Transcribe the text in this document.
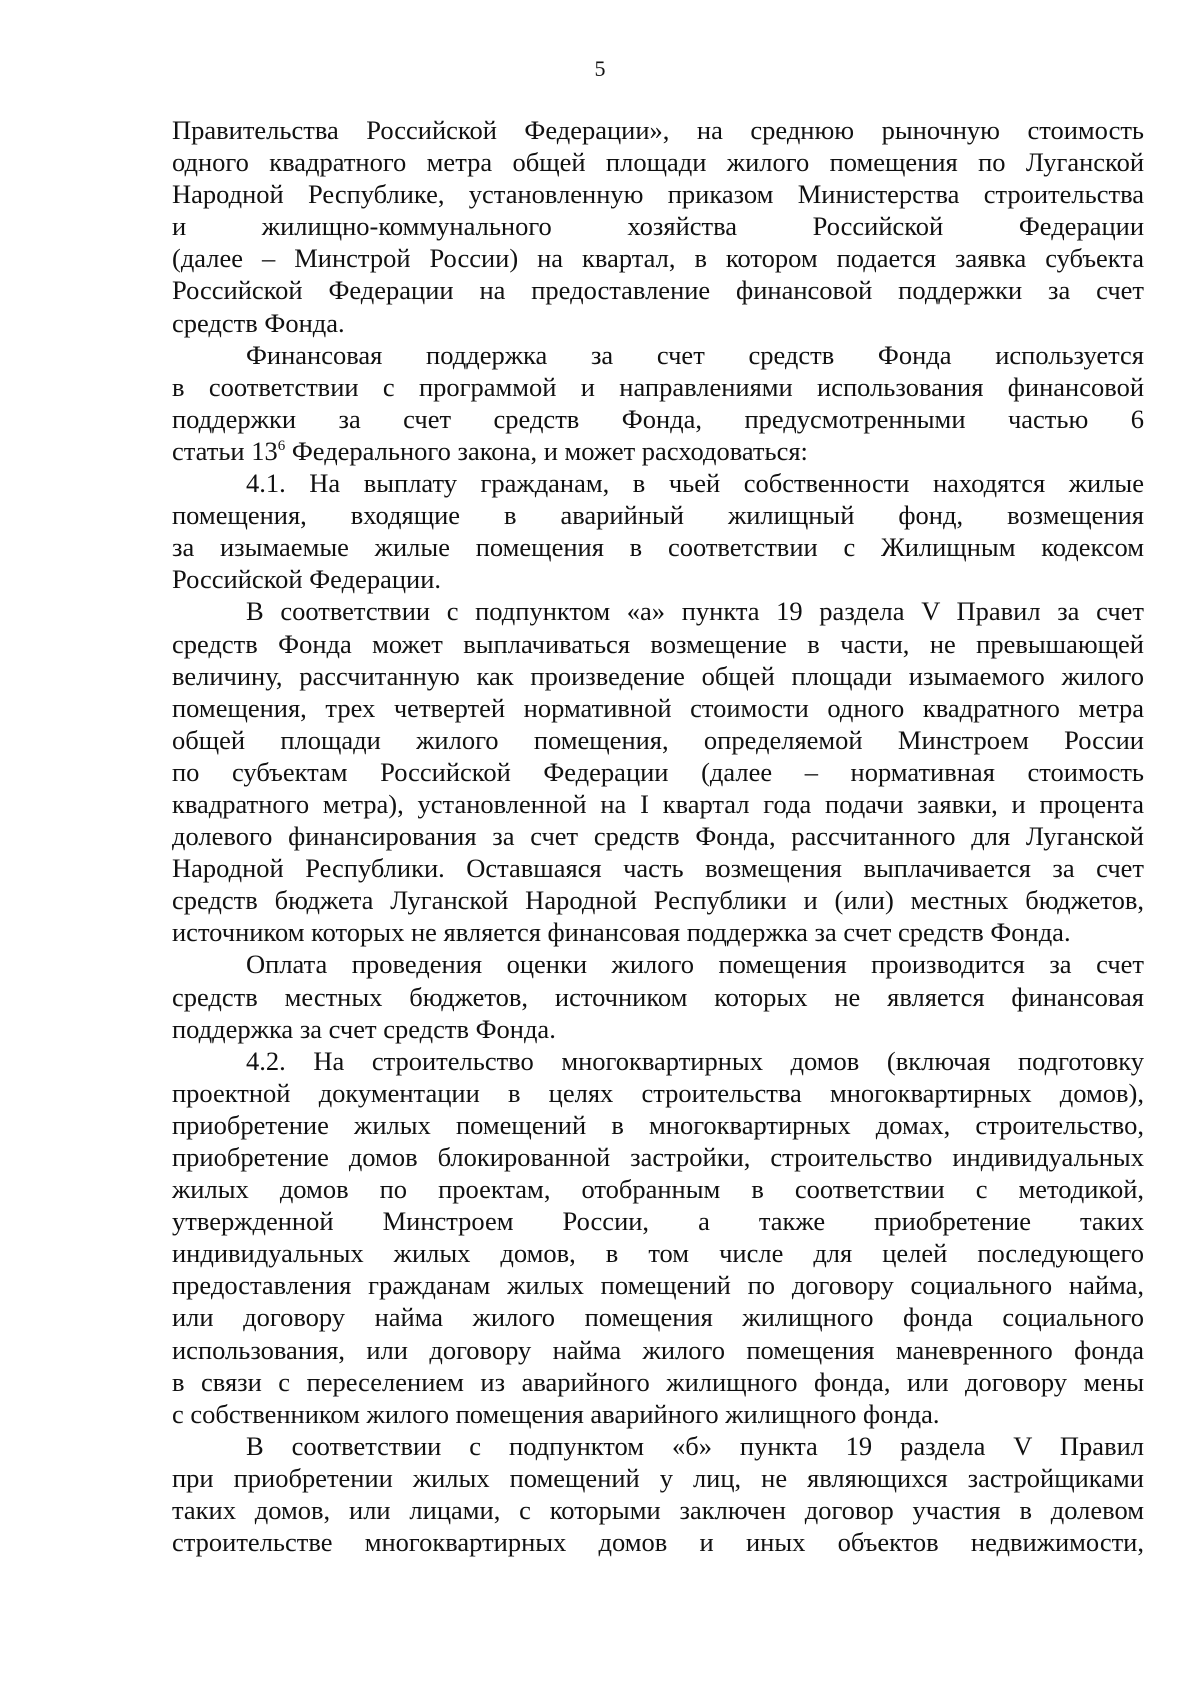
5
Правительства Российской Федерации», на среднюю рыночную стоимость
одного квадратного метра общей площади жилого помещения по Луганской
Народной Республике, установленную приказом Министерства строительства
и жилищно-коммунального хозяйства Российской Федерации
(далее – Минстрой России) на квартал, в котором подается заявка субъекта
Российской Федерации на предоставление финансовой поддержки за счет
средств Фонда.
Финансовая поддержка за счет средств Фонда используется
в соответствии с программой и направлениями использования финансовой
поддержки за счет средств Фонда, предусмотренными частью 6
статьи $13^6$ Федерального закона, и может расходоваться:
4.1. На выплату гражданам, в чьей собственности находятся жилые
помещения, входящие в аварийный жилищный фонд, возмещения
за изымаемые жилые помещения в соответствии с Жилищным кодексом
Российской Федерации.
В соответствии с подпунктом «а» пункта 19 раздела V Правил за счет
средств Фонда может выплачиваться возмещение в части, не превышающей
величину, рассчитанную как произведение общей площади изымаемого жилого
помещения, трех четвертей нормативной стоимости одного квадратного метра
общей площади жилого помещения, определяемой Минстроем России
по субъектам Российской Федерации (далее – нормативная стоимость
квадратного метра), установленной на I квартал года подачи заявки, и процента
долевого финансирования за счет средств Фонда, рассчитанного для Луганской
Народной Республики. Оставшаяся часть возмещения выплачивается за счет
средств бюджета Луганской Народной Республики и (или) местных бюджетов,
источником которых не является финансовая поддержка за счет средств Фонда.
Оплата проведения оценки жилого помещения производится за счет
средств местных бюджетов, источником которых не является финансовая
поддержка за счет средств Фонда.
4.2. На строительство многоквартирных домов (включая подготовку
проектной документации в целях строительства многоквартирных домов),
приобретение жилых помещений в многоквартирных домах, строительство,
приобретение домов блокированной застройки, строительство индивидуальных
жилых домов по проектам, отобранным в соответствии с методикой,
утвержденной Минстроем России, а также приобретение таких
индивидуальных жилых домов, в том числе для целей последующего
предоставления гражданам жилых помещений по договору социального найма,
или договору найма жилого помещения жилищного фонда социального
использования, или договору найма жилого помещения маневренного фонда
в связи с переселением из аварийного жилищного фонда, или договору мены
с собственником жилого помещения аварийного жилищного фонда.
В соответствии с подпунктом «б» пункта 19 раздела V Правил
при приобретении жилых помещений у лиц, не являющихся застройщиками
таких домов, или лицами, с которыми заключен договор участия в долевом
строительстве многоквартирных домов и иных объектов недвижимости,
